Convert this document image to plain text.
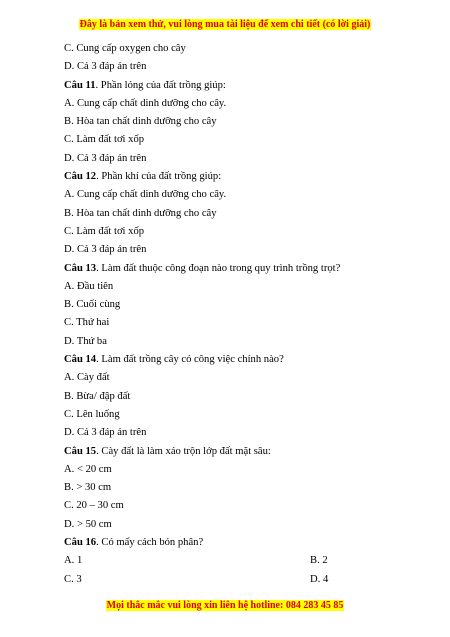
Đây là bản xem thử, vui lòng mua tài liệu để xem chi tiết (có lời giải)
C. Cung cấp oxygen cho cây
D. Cả 3 đáp án trên
Câu 11. Phần lỏng của đất trồng giúp:
A. Cung cấp chất dinh dưỡng cho cây.
B. Hòa tan chất dinh dưỡng cho cây
C. Làm đất tơi xốp
D. Cả 3 đáp án trên
Câu 12. Phần khí của đất trồng giúp:
A. Cung cấp chất dinh dưỡng cho cây.
B. Hòa tan chất dinh dưỡng cho cây
C. Làm đất tơi xốp
D. Cả 3 đáp án trên
Câu 13. Làm đất thuộc công đoạn nào trong quy trình trồng trọt?
A. Đầu tiên
B. Cuối cùng
C. Thứ hai
D. Thứ ba
Câu 14. Làm đất trồng cây có công việc chính nào?
A. Cày đất
B. Bừa/ đập đất
C. Lên luống
D. Cả 3 đáp án trên
Câu 15. Cày đất là làm xáo trộn lớp đất mặt sâu:
A. < 20 cm
B. > 30 cm
C. 20 – 30 cm
D. > 50 cm
Câu 16. Có mấy cách bón phân?
A. 1	B. 2
C. 3	D. 4
Mọi thắc mắc vui lòng xin liên hệ hotline: 084 283 45 85
